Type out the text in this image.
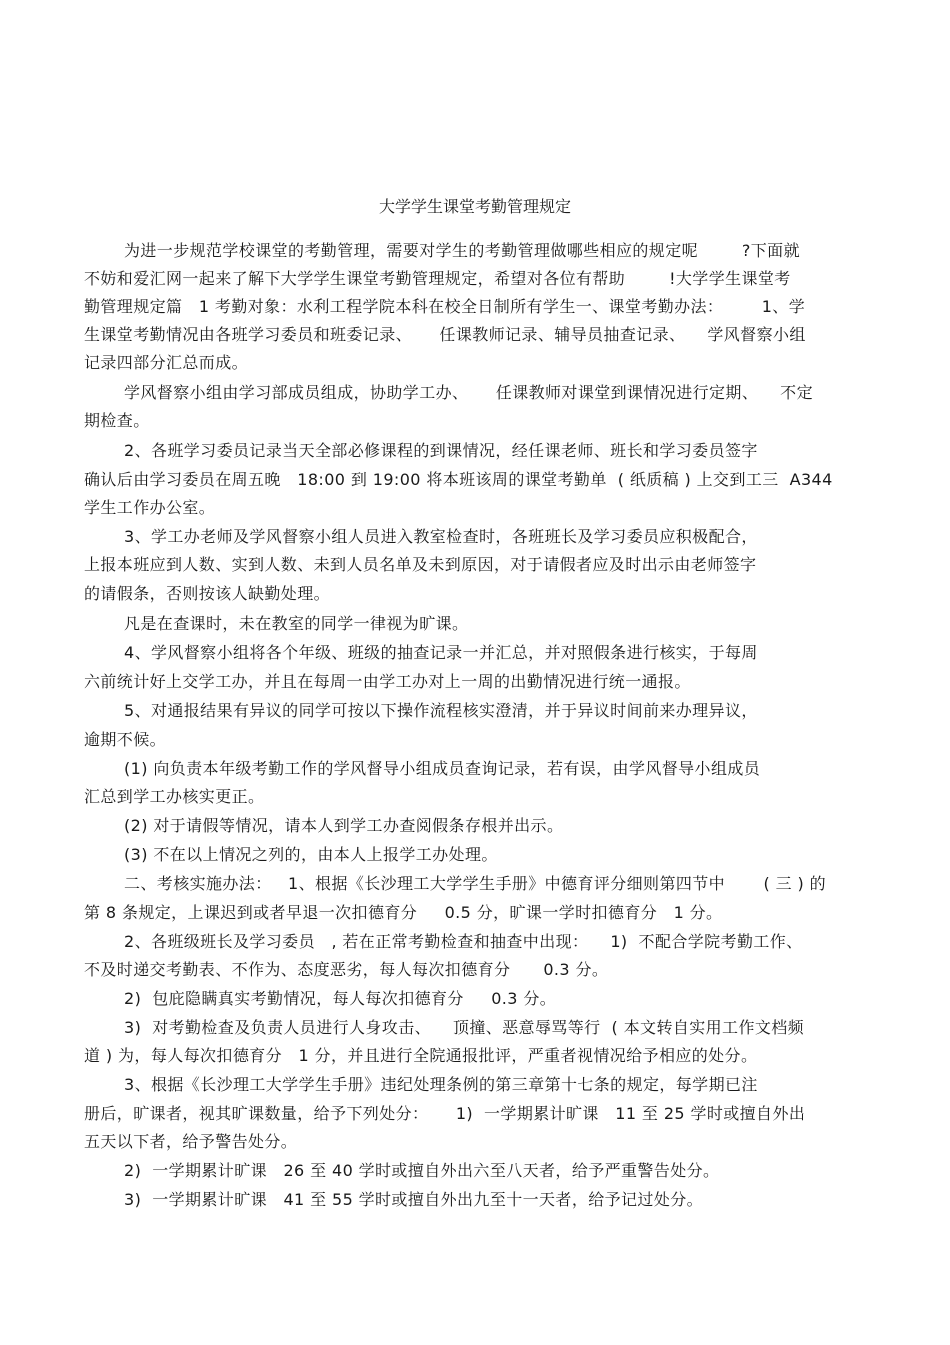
大学学生课堂考勤管理规定
为进一步规范学校课堂的考勤管理，需要对学生的考勤管理做哪些相应的规定呢        ?下面就
不妨和爱汇网一起来了解下大学学生课堂考勤管理规定，希望对各位有帮助        !大学学生课堂考
勤管理规定篇   1 考勤对象：水利工程学院本科在校全日制所有学生一、课堂考勤办法：       1、学
生课堂考勤情况由各班学习委员和班委记录、     任课教师记录、辅导员抽查记录、    学风督察小组
记录四部分汇总而成。
学风督察小组由学习部成员组成，协助学工办、     任课教师对课堂到课情况进行定期、    不定
期检查。
2、各班学习委员记录当天全部必修课程的到课情况，经任课老师、班长和学习委员签字
确认后由学习委员在周五晚   18:00 到 19:00 将本班该周的课堂考勤单  ( 纸质稿 ) 上交到工三  A344
学生工作办公室。
3、学工办老师及学风督察小组人员进入教室检查时，各班班长及学习委员应积极配合，
上报本班应到人数、实到人数、未到人员名单及未到原因，对于请假者应及时出示由老师签字
的请假条，否则按该人缺勤处理。
凡是在查课时，未在教室的同学一律视为旷课。
4、学风督察小组将各个年级、班级的抽查记录一并汇总，并对照假条进行核实，于每周
六前统计好上交学工办，并且在每周一由学工办对上一周的出勤情况进行统一通报。
5、对通报结果有异议的同学可按以下操作流程核实澄清，并于异议时间前来办理异议，
逾期不候。
(1) 向负责本年级考勤工作的学风督导小组成员查询记录，若有误，由学风督导小组成员
汇总到学工办核实更正。
(2) 对于请假等情况，请本人到学工办查阅假条存根并出示。
(3) 不在以上情况之列的，由本人上报学工办处理。
二、考核实施办法：   1、根据《长沙理工大学学生手册》中德育评分细则第四节中       ( 三 ) 的
第 8 条规定，上课迟到或者早退一次扣德育分     0.5 分，旷课一学时扣德育分   1 分。
2、各班级班长及学习委员   , 若在正常考勤检查和抽查中出现：    1)  不配合学院考勤工作、
不及时递交考勤表、不作为、态度恶劣，每人每次扣德育分      0.3 分。
2)  包庇隐瞒真实考勤情况，每人每次扣德育分     0.3 分。
3)  对考勤检查及负责人员进行人身攻击、    顶撞、恶意辱骂等行  ( 本文转自实用工作文档频
道 ) 为，每人每次扣德育分   1 分，并且进行全院通报批评，严重者视情况给予相应的处分。
3、根据《长沙理工大学学生手册》违纪处理条例的第三章第十七条的规定，每学期已注
册后，旷课者，视其旷课数量，给予下列处分：     1)  一学期累计旷课   11 至 25 学时或擅自外出
五天以下者，给予警告处分。
2)  一学期累计旷课   26 至 40 学时或擅自外出六至八天者，给予严重警告处分。
3)  一学期累计旷课   41 至 55 学时或擅自外出九至十一天者，给予记过处分。
